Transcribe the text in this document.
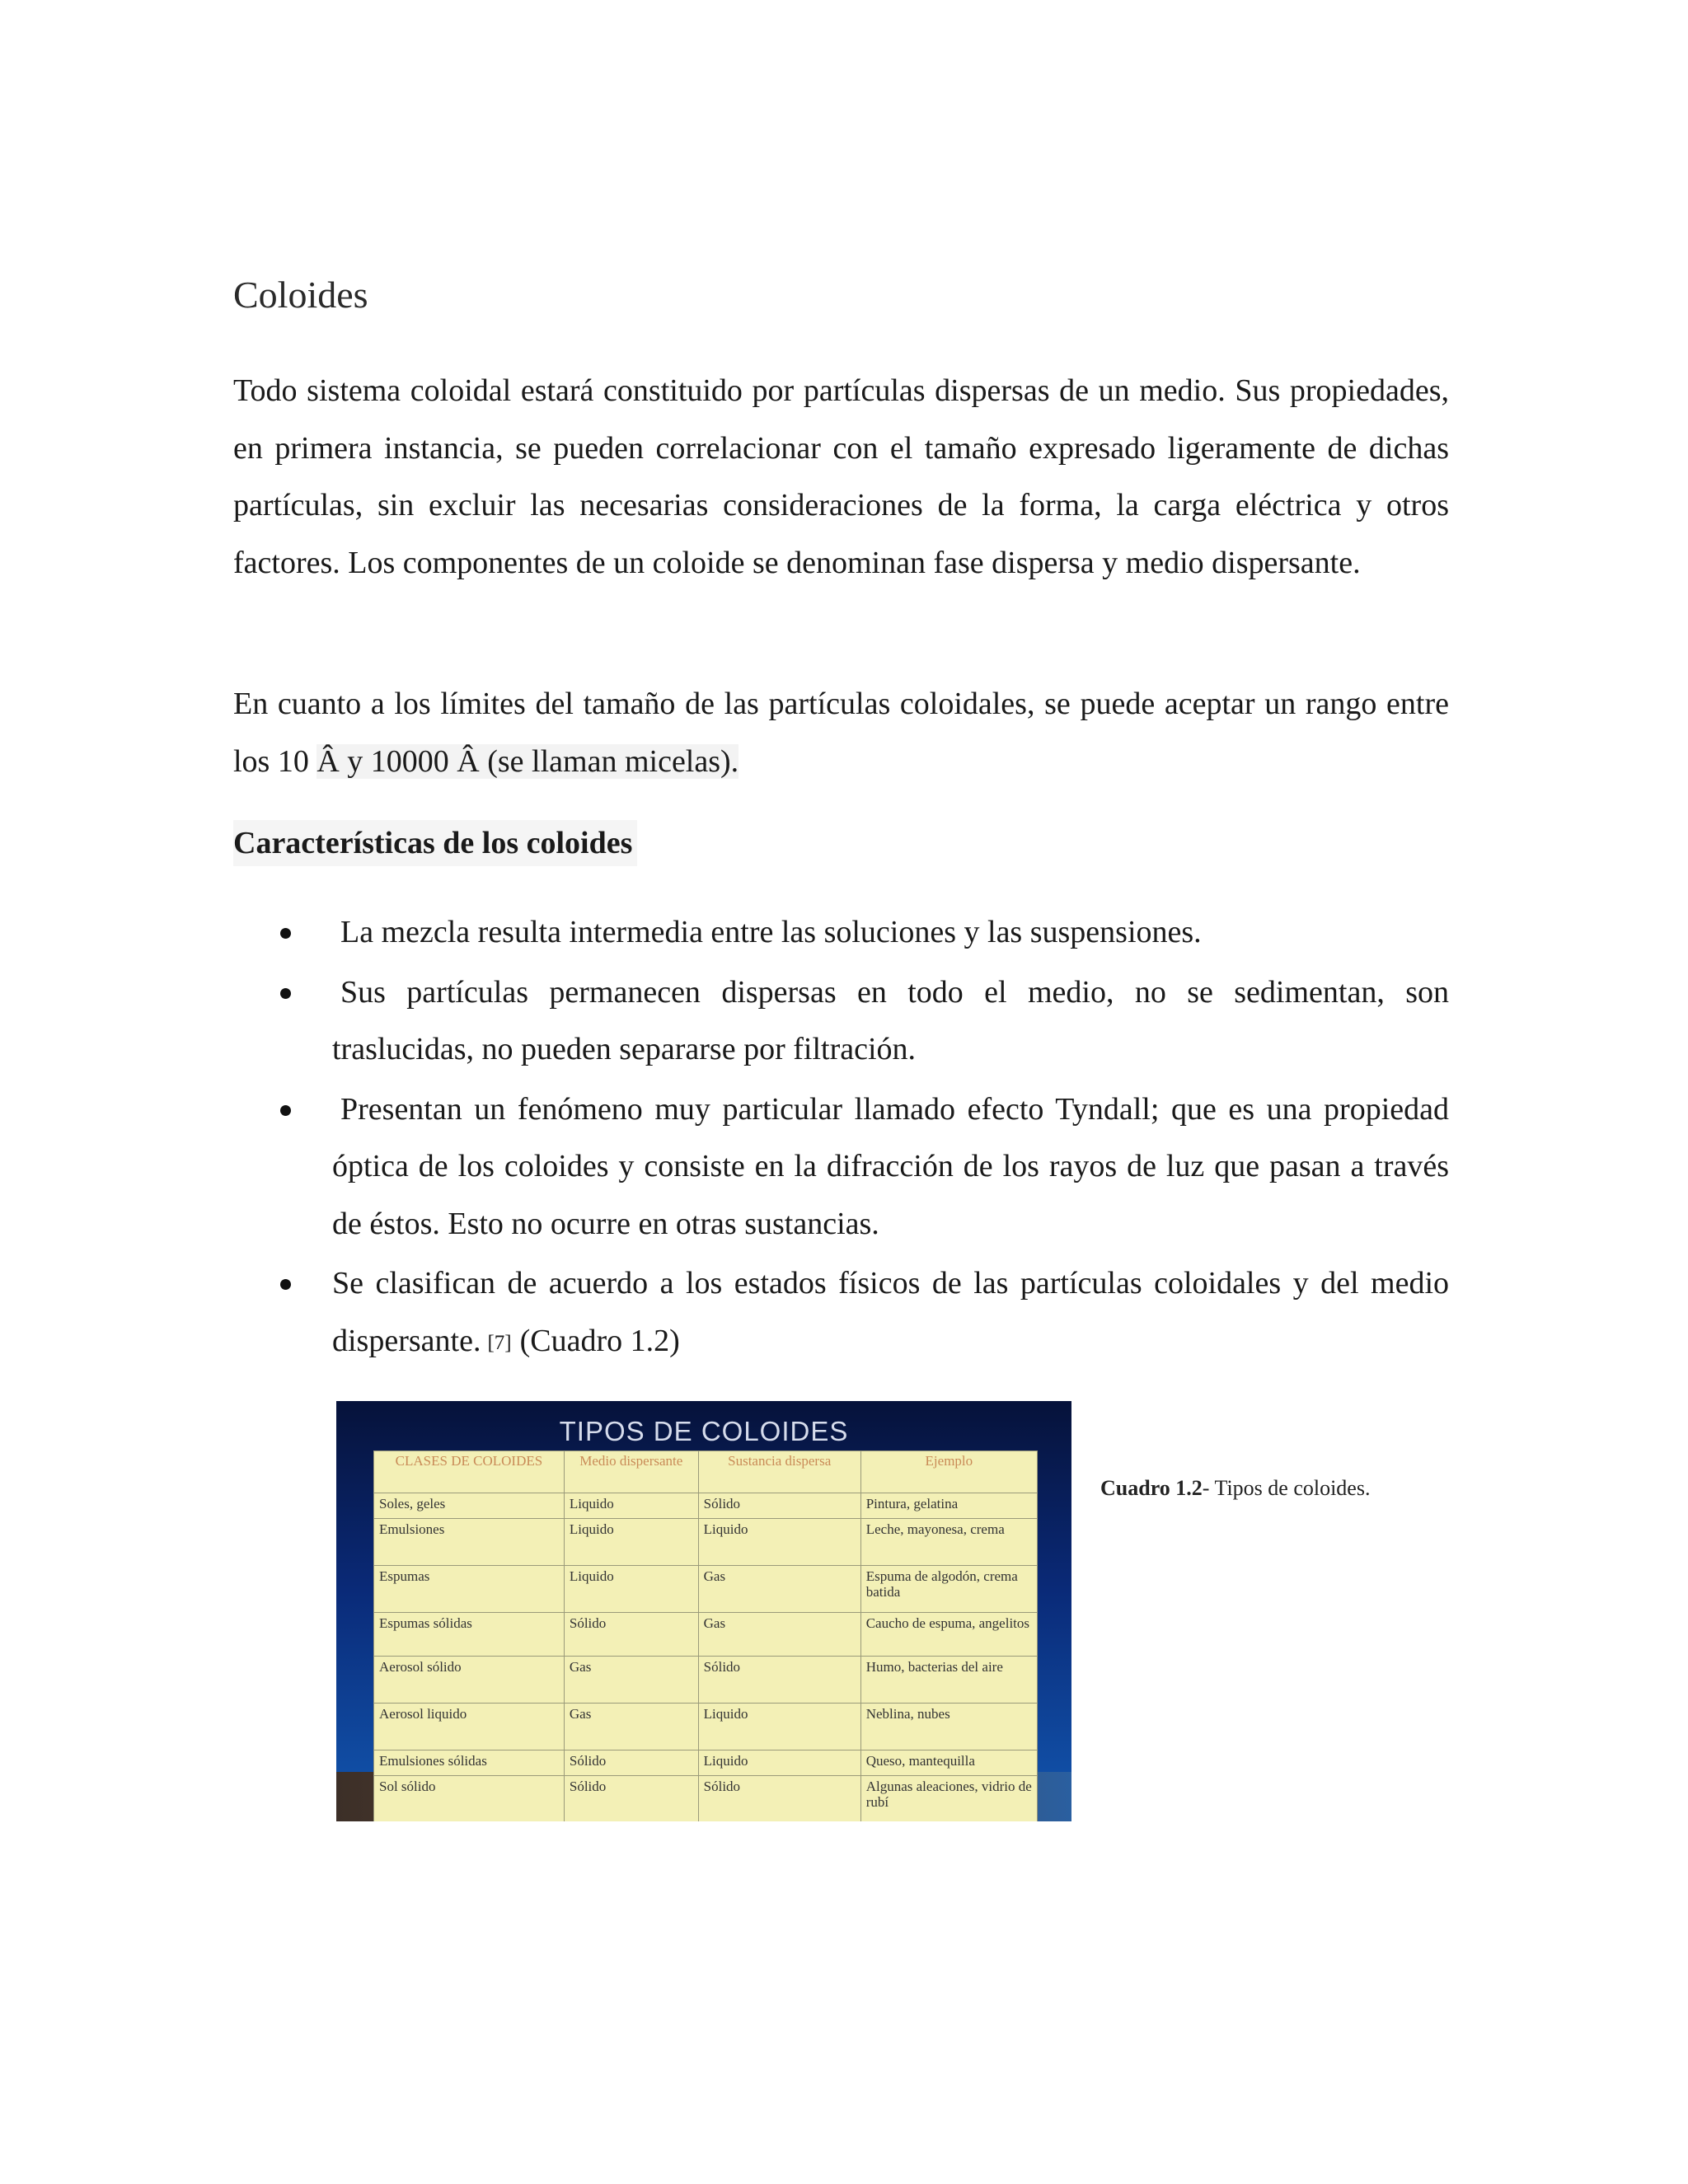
Coloides
Todo sistema coloidal estará constituido por partículas dispersas de un medio. Sus propiedades, en primera instancia, se pueden correlacionar con el tamaño expresado ligeramente de dichas partículas, sin excluir las necesarias consideraciones de la forma, la carga eléctrica y otros factores. Los componentes de un coloide se denominan fase dispersa y medio dispersante.
En cuanto a los límites del tamaño de las partículas coloidales, se puede aceptar un rango entre los 10 Â y 10000 Â (se llaman micelas).
Características de los coloides
La mezcla resulta intermedia entre las soluciones y las suspensiones.
Sus partículas permanecen dispersas en todo el medio, no se sedimentan, son traslucidas, no pueden separarse por filtración.
Presentan un fenómeno muy particular llamado efecto Tyndall; que es una propiedad óptica de los coloides y consiste en la difracción de los rayos de luz que pasan a través de éstos. Esto no ocurre en otras sustancias.
Se clasifican de acuerdo a los estados físicos de las partículas coloidales y del medio dispersante. [7] (Cuadro 1.2)
TIPOS DE COLOIDES
CLASES DE COLOIDES	Medio dispersante	Sustancia dispersa	Ejemplo
Soles, geles	Liquido	Sólido	Pintura, gelatina
Emulsiones	Liquido	Liquido	Leche, mayonesa, crema
Espumas	Liquido	Gas	Espuma de algodón, crema batida
Espumas sólidas	Sólido	Gas	Caucho de espuma, angelitos
Aerosol sólido	Gas	Sólido	Humo, bacterias del aire
Aerosol liquido	Gas	Liquido	Neblina, nubes
Emulsiones sólidas	Sólido	Liquido	Queso, mantequilla
Sol sólido	Sólido	Sólido	Algunas aleaciones, vidrio de rubí
Cuadro 1.2- Tipos de coloides.
